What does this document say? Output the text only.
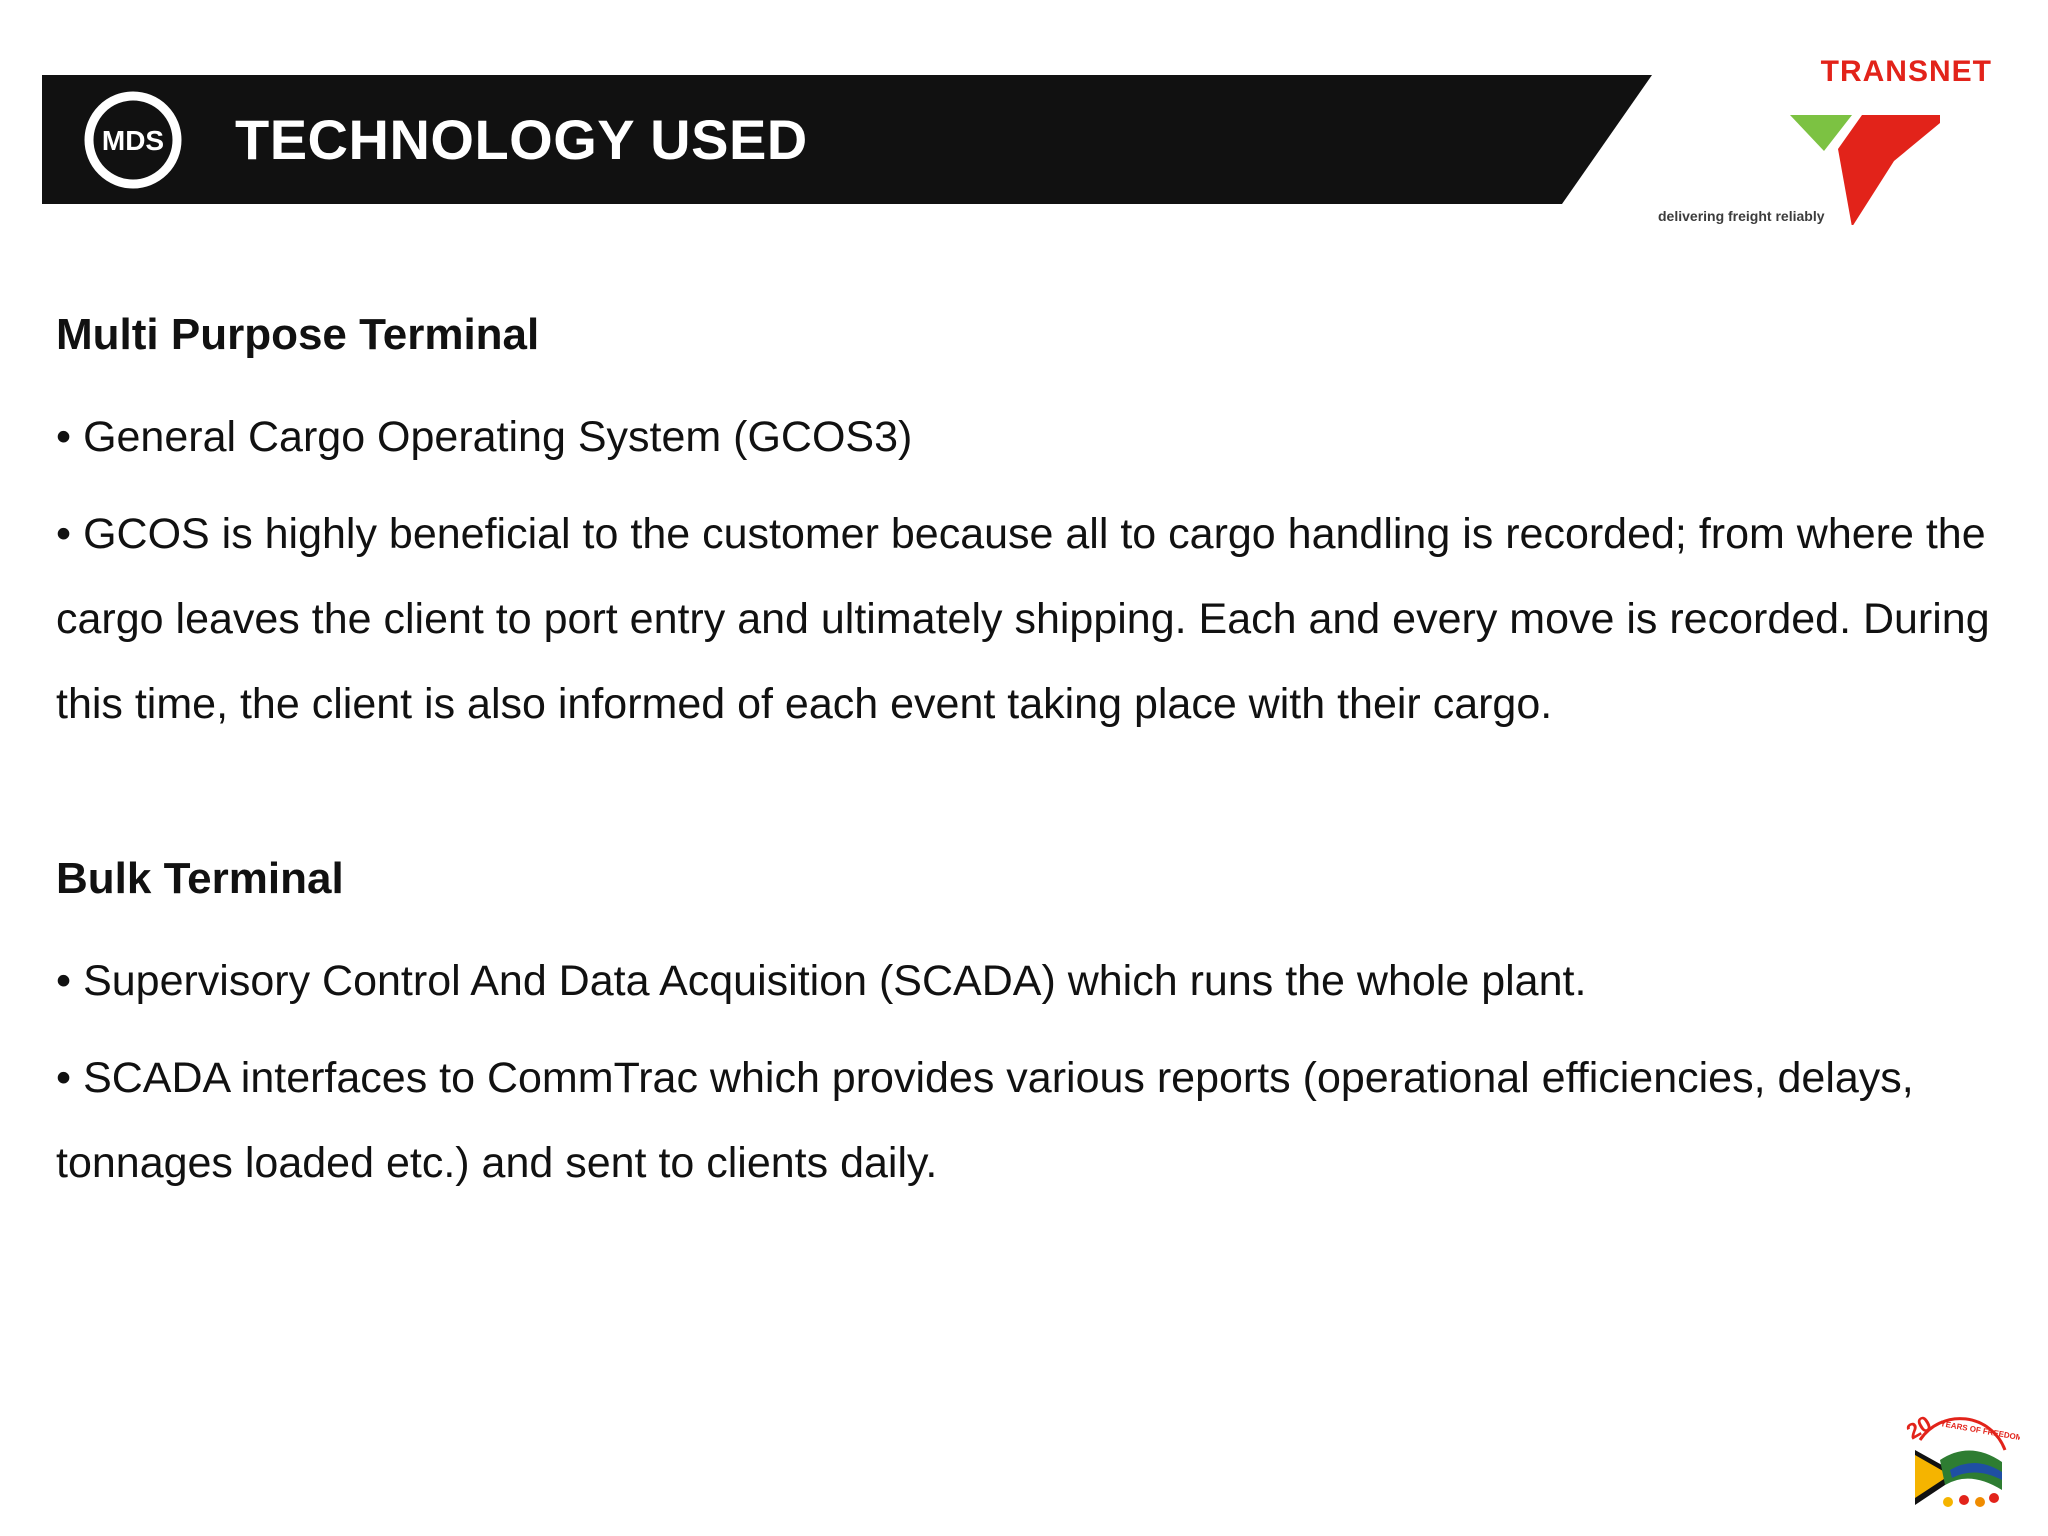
MDS TECHNOLOGY USED
TRANSNET
delivering freight reliably
Multi Purpose Terminal
• General Cargo Operating System (GCOS3)
• GCOS is highly beneficial to the customer because all to cargo handling is recorded; from where the cargo leaves the client to port entry and ultimately shipping. Each and every move is recorded. During this time, the client is also informed of each event taking place with their cargo.
Bulk Terminal
• Supervisory Control And Data Acquisition (SCADA) which runs the whole plant.
• SCADA interfaces to CommTrac which provides various reports (operational efficiencies, delays, tonnages loaded etc.) and sent to clients daily.
20 YEARS OF FREEDOM
